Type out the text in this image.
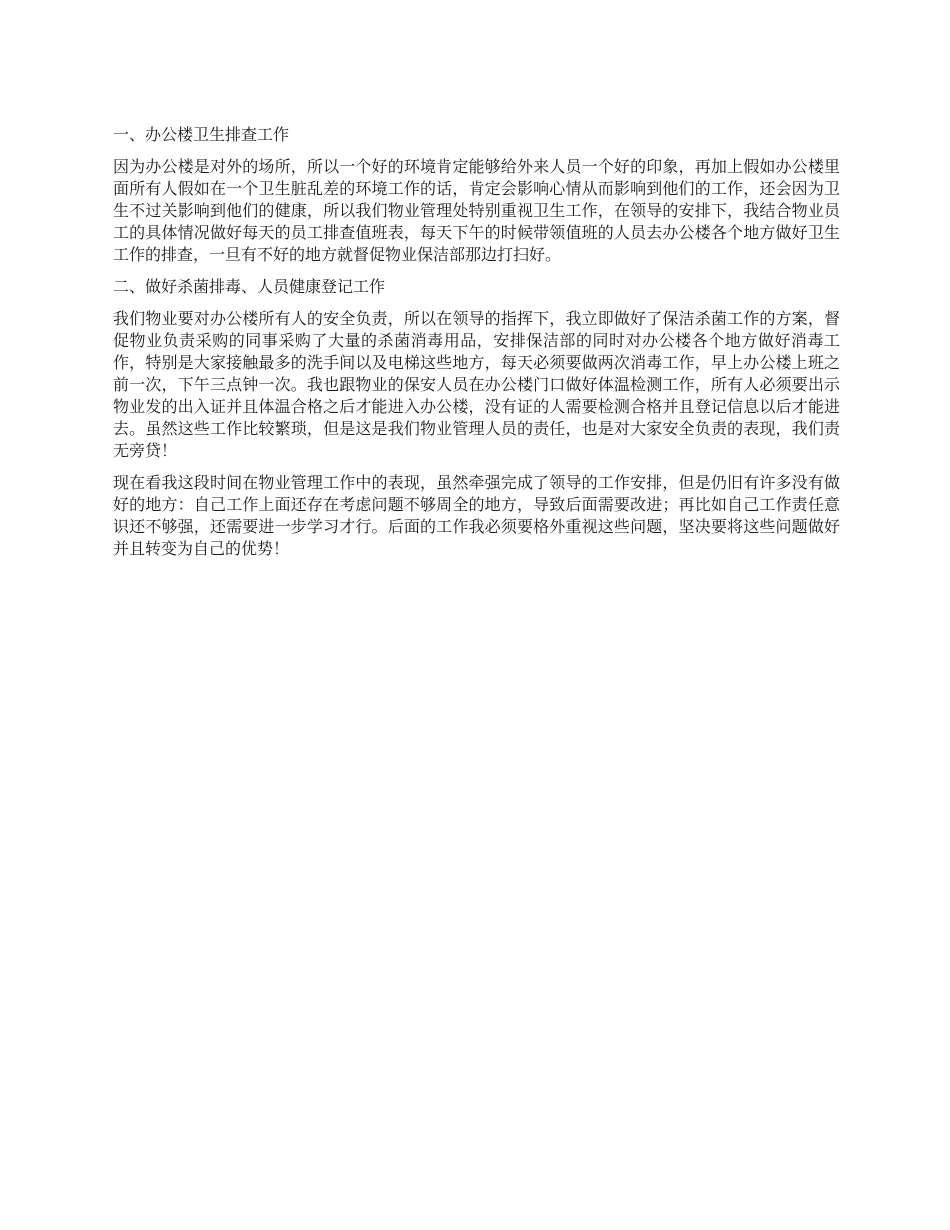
一、办公楼卫生排查工作

因为办公楼是对外的场所，所以一个好的环境肯定能够给外来人员一个好的印象，再加上假如办公楼里面所有人假如在一个卫生脏乱差的环境工作的话，肯定会影响心情从而影响到他们的工作，还会因为卫生不过关影响到他们的健康，所以我们物业管理处特别重视卫生工作，在领导的安排下，我结合物业员工的具体情况做好每天的员工排查值班表，每天下午的时候带领值班的人员去办公楼各个地方做好卫生工作的排查，一旦有不好的地方就督促物业保洁部那边打扫好。

二、做好杀菌排毒、人员健康登记工作

我们物业要对办公楼所有人的安全负责，所以在领导的指挥下，我立即做好了保洁杀菌工作的方案，督促物业负责采购的同事采购了大量的杀菌消毒用品，安排保洁部的同时对办公楼各个地方做好消毒工作，特别是大家接触最多的洗手间以及电梯这些地方，每天必须要做两次消毒工作，早上办公楼上班之前一次，下午三点钟一次。我也跟物业的保安人员在办公楼门口做好体温检测工作，所有人必须要出示物业发的出入证并且体温合格之后才能进入办公楼，没有证的人需要检测合格并且登记信息以后才能进去。虽然这些工作比较繁琐，但是这是我们物业管理人员的责任，也是对大家安全负责的表现，我们责无旁贷！

现在看我这段时间在物业管理工作中的表现，虽然牵强完成了领导的工作安排，但是仍旧有许多没有做好的地方：自己工作上面还存在考虑问题不够周全的地方，导致后面需要改进；再比如自己工作责任意识还不够强，还需要进一步学习才行。后面的工作我必须要格外重视这些问题，坚决要将这些问题做好并且转变为自己的优势！
